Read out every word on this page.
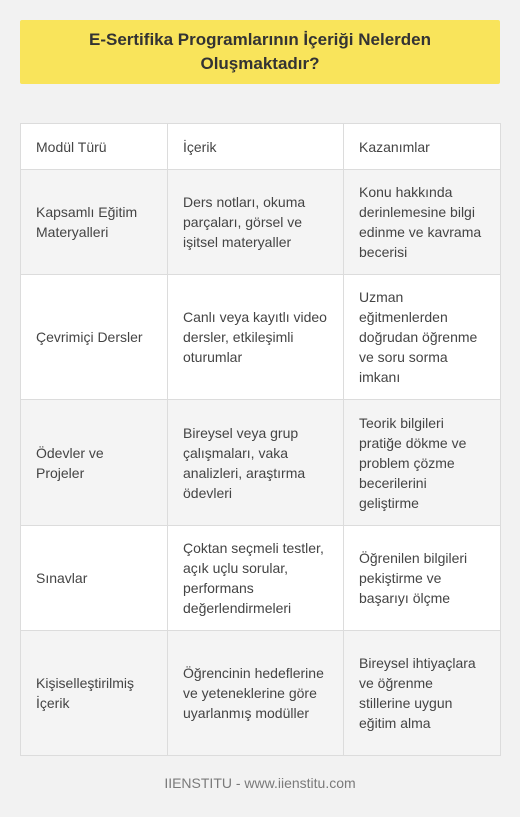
E-Sertifika Programlarının İçeriği Nelerden Oluşmaktadır?
Modül Türü	İçerik	Kazanımlar
Kapsamlı Eğitim Materyalleri	Ders notları, okuma parçaları, görsel ve işitsel materyaller	Konu hakkında derinlemesine bilgi edinme ve kavrama becerisi
Çevrimiçi Dersler	Canlı veya kayıtlı video dersler, etkileşimli oturumlar	Uzman eğitmenlerden doğrudan öğrenme ve soru sorma imkanı
Ödevler ve Projeler	Bireysel veya grup çalışmaları, vaka analizleri, araştırma ödevleri	Teorik bilgileri pratiğe dökme ve problem çözme becerilerini geliştirme
Sınavlar	Çoktan seçmeli testler, açık uçlu sorular, performans değerlendirmeleri	Öğrenilen bilgileri pekiştirme ve başarıyı ölçme
Kişiselleştirilmiş İçerik	Öğrencinin hedeflerine ve yeteneklerine göre uyarlanmış modüller	Bireysel ihtiyaçlara ve öğrenme stillerine uygun eğitim alma
IIENSTITU - www.iienstitu.com
